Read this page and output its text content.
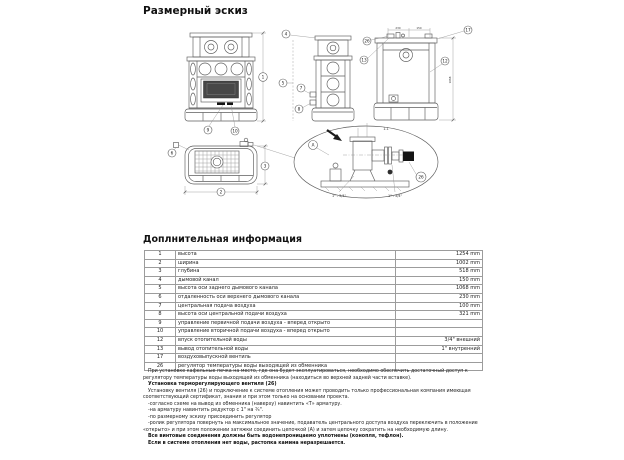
Размерный эскиз
9	10
1
4
5
7
8
17
26
13	12
230	150
1068
6
3
2
1-1
A
26
1" - 3/4"	1" - 3/4"
Доплнительная информация
1	высота	1254 mm
2	ширина	1002 mm
3	глубина	518 mm
4	дымовой канал	150 mm
5	высота оси заднего дымового канала	1068 mm
6	отдаленность оси верхнего дымового канала	230 mm
7	центральная подача воздуха	100 mm
8	высота оси центральной подачи воздуха	321 mm
9	управление первичной подачи воздуха - вперед открыто	
10	управление вторичной подачи воздуха - вперед открыто	
12	впуск отопительной воды	3/4" внешний
13	вывод отопительной воды	1" внутренний
17	воздуховыпускной вентиль	
26	регулятор температуры воды выходящей из обменника	

При установке кафельные печка на место, где она будет эксплуатироваться, необходимо обеспечить достаточный доступ к регулятору температуры воды выходящей из обменника (находиться во верхней задней части вставке).

Установка терморегулирующего вентиля (26)

Установку вентиля (26) и подключение к системе отопления может проводить только профессиональная компания имеющая соответствующий сертификат, знания и при этом только на основании проекта.

-согласно схеме на вывод из обменника (наверху) навинтить «Т» арматуру.

-на арматуру навинтить редуктор с 1" на ¾".

-по размерному эскизу присоединить регулятор

-ролик регулятора повернуть на максимальное значение, подаватель центрального доступа воздуха переключить в положение «открыто» и при этом положении затяжки соединить цепочкой (A) и затем цепочку сократить на необходимую длину.

Все винтовые соединения должны быть водонепроницаемо уплотнены (конопля, тефлон).

Если в системе отопления нет воды, растопка камина неразрешается.
